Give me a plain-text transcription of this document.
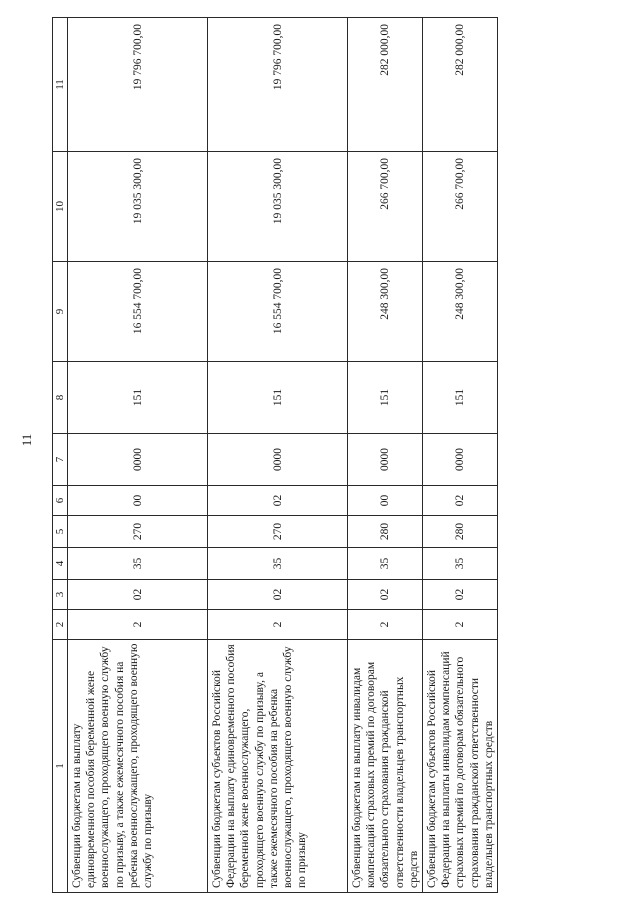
11
1	2	3	4	5	6	7	8	9	10	11
Субвенции бюджетам на выплату единовременного пособия беременной жене военнослужащего, проходящего военную службу по призыву, а также ежемесячного пособия на ребенка военнослужащего, проходящего военную службу по призыву	2	02	35	270	00	0000	151	16 554 700,00	19 035 300,00	19 796 700,00
Субвенции бюджетам субъектов Российской Федерации на выплату единовременного пособия беременной жене военнослужащего, проходящего военную службу по призыву, а также ежемесячного пособия на ребенка военнослужащего, проходящего военную службу по призыву	2	02	35	270	02	0000	151	16 554 700,00	19 035 300,00	19 796 700,00
Субвенции бюджетам на выплату инвалидам компенсаций страховых премий по договорам обязательного страхования гражданской ответственности владельцев транспортных средств	2	02	35	280	00	0000	151	248 300,00	266 700,00	282 000,00
Субвенции бюджетам субъектов Российской Федерации на выплаты инвалидам компенсаций страховых премий по договорам обязательного страхования гражданской ответственности владельцев транспортных средств	2	02	35	280	02	0000	151	248 300,00	266 700,00	282 000,00
